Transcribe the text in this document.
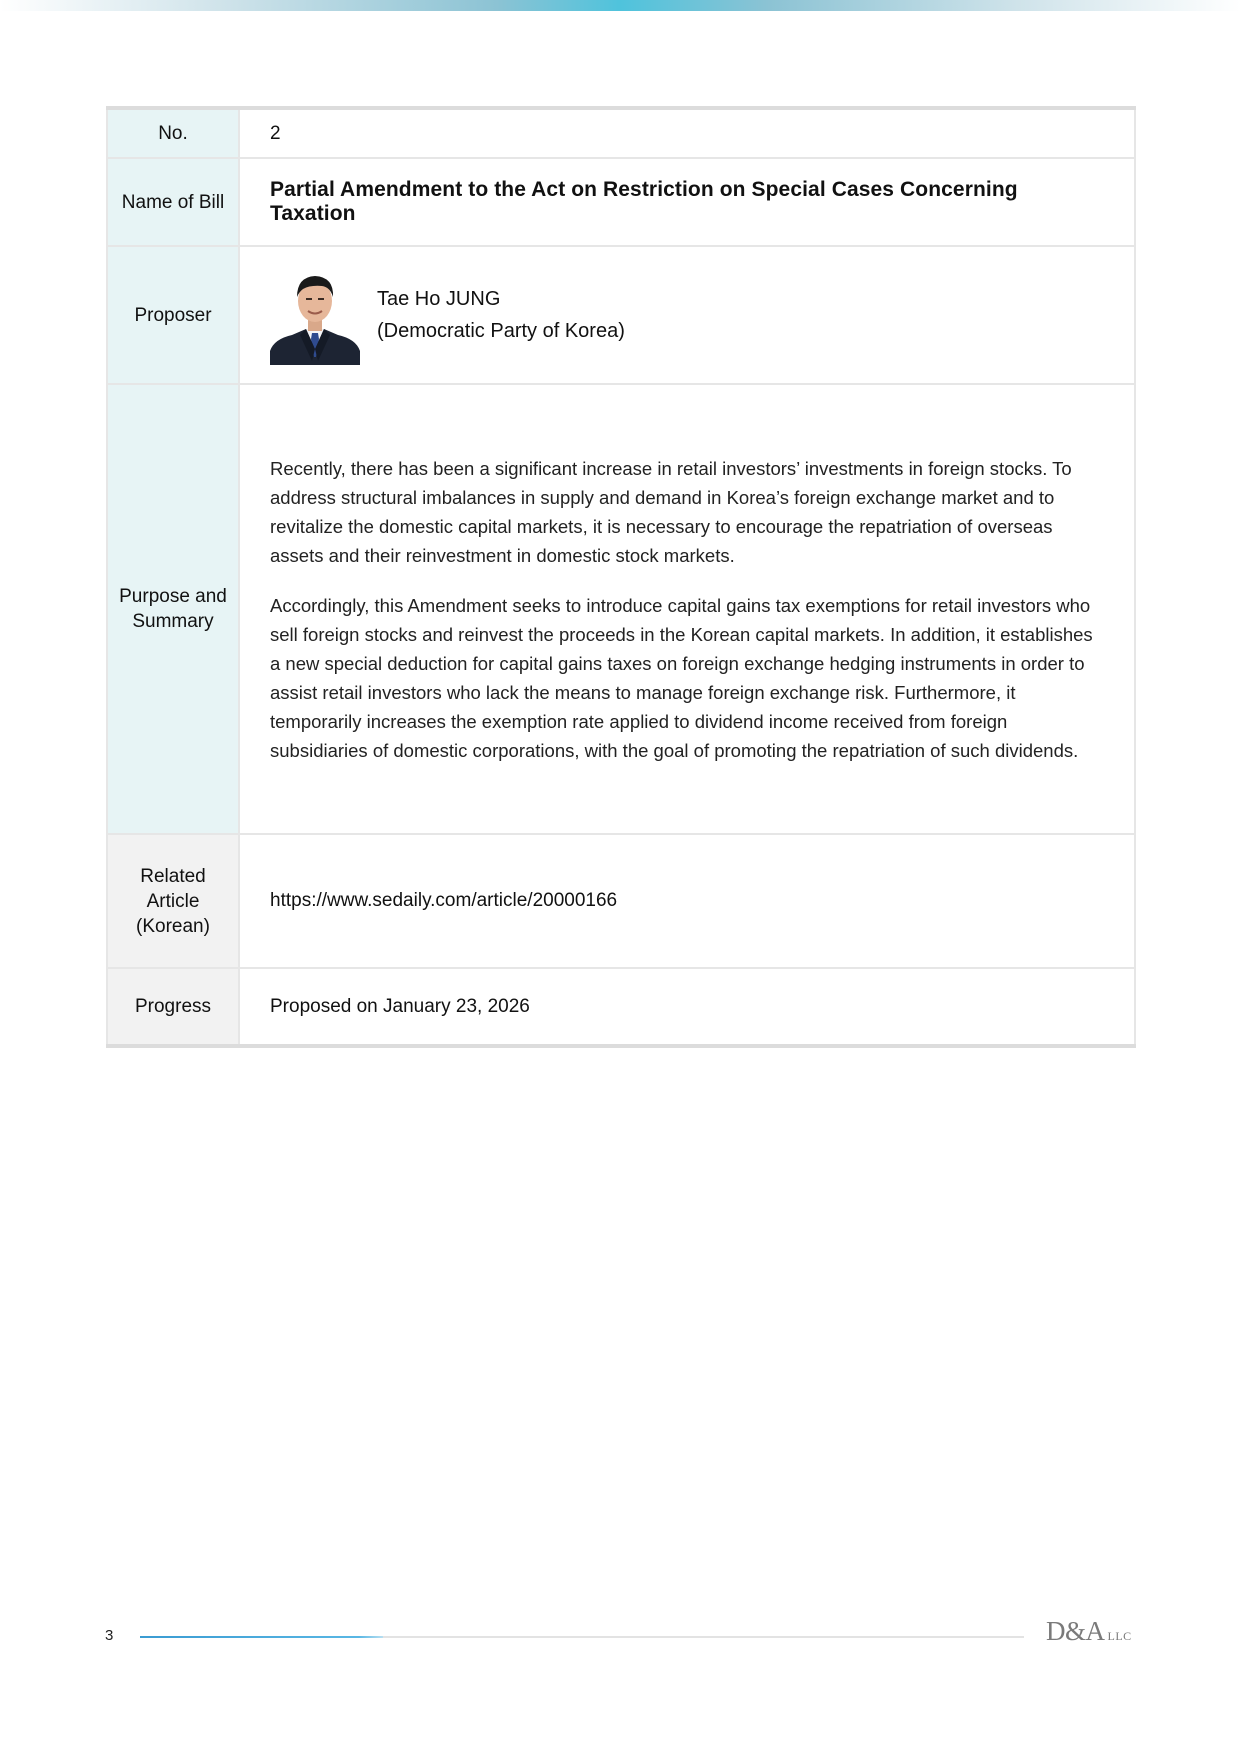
No.	2
Name of Bill	Partial Amendment to the Act on Restriction on Special Cases Concerning Taxation
Proposer	Tae Ho JUNG
(Democratic Party of Korea)

Purpose and Summary	Recently, there has been a significant increase in retail investors’ investments in foreign stocks. To address structural imbalances in supply and demand in Korea’s foreign exchange market and to revitalize the domestic capital markets, it is necessary to encourage the repatriation of overseas assets and their reinvestment in domestic stock markets.

Accordingly, this Amendment seeks to introduce capital gains tax exemptions for retail investors who sell foreign stocks and reinvest the proceeds in the Korean capital markets. In addition, it establishes a new special deduction for capital gains taxes on foreign exchange hedging instruments in order to assist retail investors who lack the means to manage foreign exchange risk. Furthermore, it temporarily increases the exemption rate applied to dividend income received from foreign subsidiaries of domestic corporations, with the goal of promoting the repatriation of such dividends.

Related Article (Korean)	https://www.sedaily.com/article/20000166
Progress	Proposed on January 23, 2026
3	D&A LLC
